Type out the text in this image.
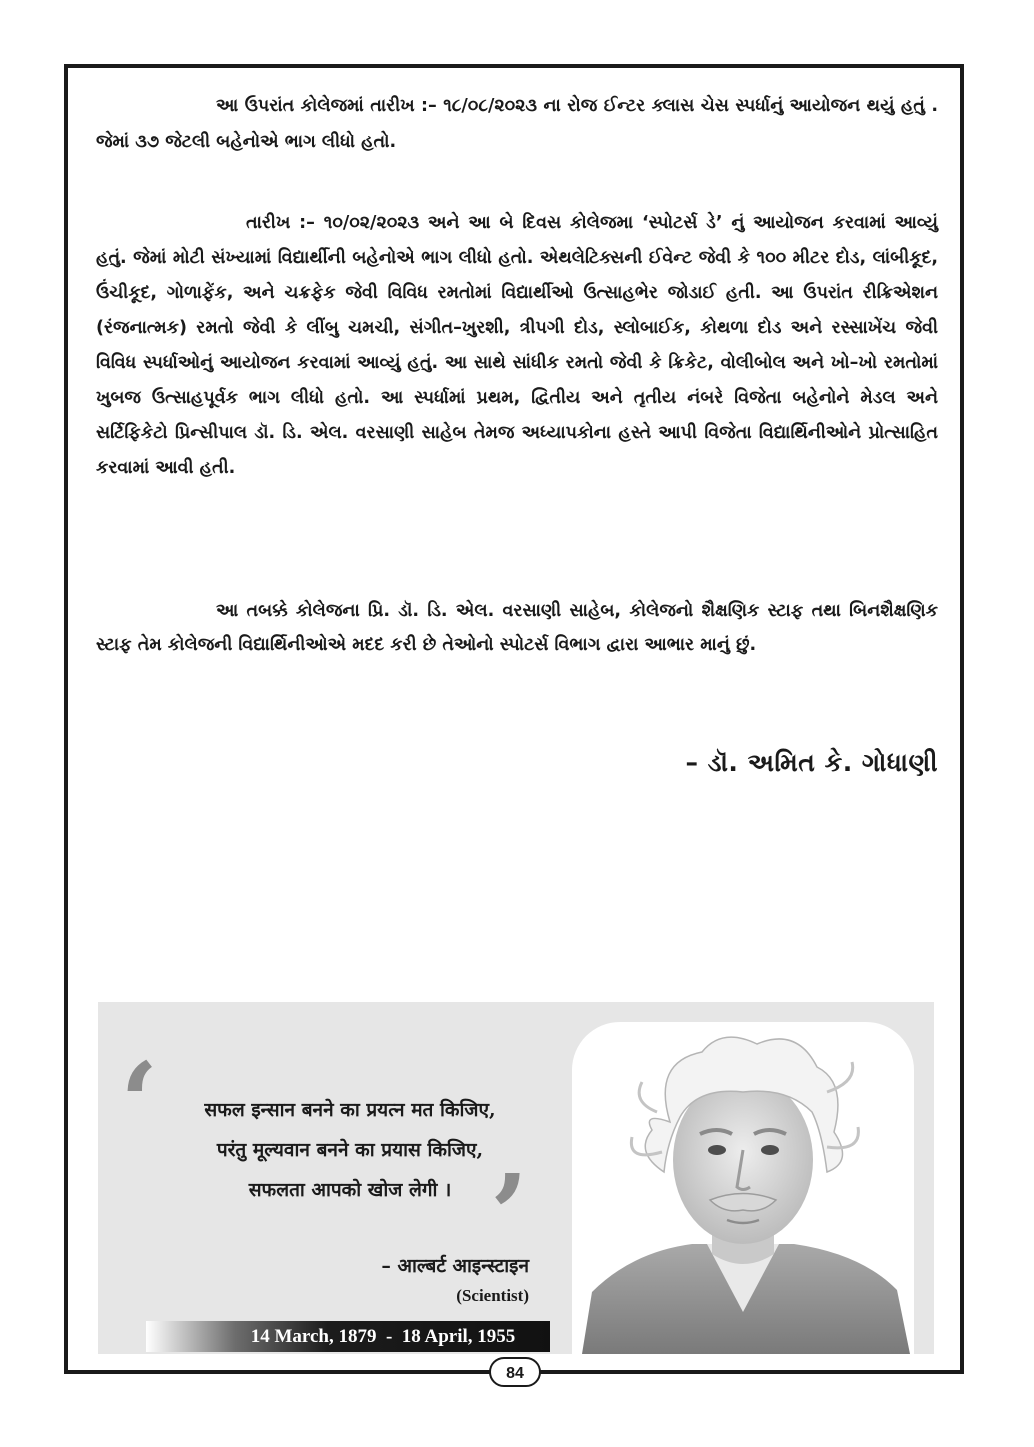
આ ઉપરાંત કોલેજમાં તારીખ :– ૧૮/૦૮/૨૦૨૩ ના રોજ ઈન્ટર ક્લાસ ચેસ સ્પર્ધાનું આયોજન થયું હતું . જેમાં ૩૭ જેટલી બહેનોએ ભાગ લીધો હતો.

તારીખ :– ૧૦/૦૨/૨૦૨૩ અને આ બે દિવસ કોલેજમા ‘સ્પોટર્સ ડે’ નું આયોજન કરવામાં આવ્યું હતું. જેમાં મોટી સંખ્યામાં વિદ્યાર્થીની બહેનોએ ભાગ લીધો હતો. એથલેટિક્સની ઈવેન્ટ જેવી કે ૧૦૦ મીટર દોડ, લાંબીકૂદ, ઉંચીકૂદ, ગોળાફેંક, અને ચક્રફેક જેવી વિવિધ રમતોમાં વિદ્યાર્થીઓ ઉત્સાહભેર જોડાઈ હતી. આ ઉપરાંત રીક્રિએશન (રંજનાત્મક) રમતો જેવી કે લીંબુ ચમચી, સંગીત–ખુરશી, ત્રીપગી દોડ, સ્લોબાઈક, કોથળા દોડ અને રસ્સાખેંચ જેવી વિવિધ સ્પર્ધાઓનું આયોજન કરવામાં આવ્યું હતું. આ સાથે સાંધીક રમતો જેવી કે ક્રિકેટ, વોલીબોલ અને ખો–ખો રમતોમાં ખુબજ ઉત્સાહપૂર્વક ભાગ લીધો હતો. આ સ્પર્ધામાં પ્રથમ, દ્વિતીય અને તૃતીય નંબરે વિજેતા બહેનોને મેડલ અને સર્ટિફિકેટો પ્રિન્સીપાલ ડૉ. ડિ. એલ. વરસાણી સાહેબ તેમજ અધ્યાપકોના હસ્તે આપી વિજેતા વિદ્યાર્થિનીઓને પ્રોત્સાહિત કરવામાં આવી હતી.

આ તબક્કે કોલેજના પ્રિ. ડૉ. ડિ. એલ. વરસાણી સાહેબ, કોલેજનો શૈક્ષણિક સ્ટાફ તથા બિનશૈક્ષણિક સ્ટાફ તેમ કોલેજની વિદ્યાર્થિનીઓએ મદદ કરી છે તેઓનો સ્પોટર્સ વિભાગ દ્વારા આભાર માનું છું.

– ડૉ. અમિત કે. ગોધાણી
‘
’
सफल इन्सान बनने का प्रयत्न मत किजिए,
परंतु मूल्यवान बनने का प्रयास किजिए,
सफलता आपको खोज लेगी ।
– आल्बर्ट आइन्स्टाइन
(Scientist)
14 March, 1879  -  18 April, 1955
84
